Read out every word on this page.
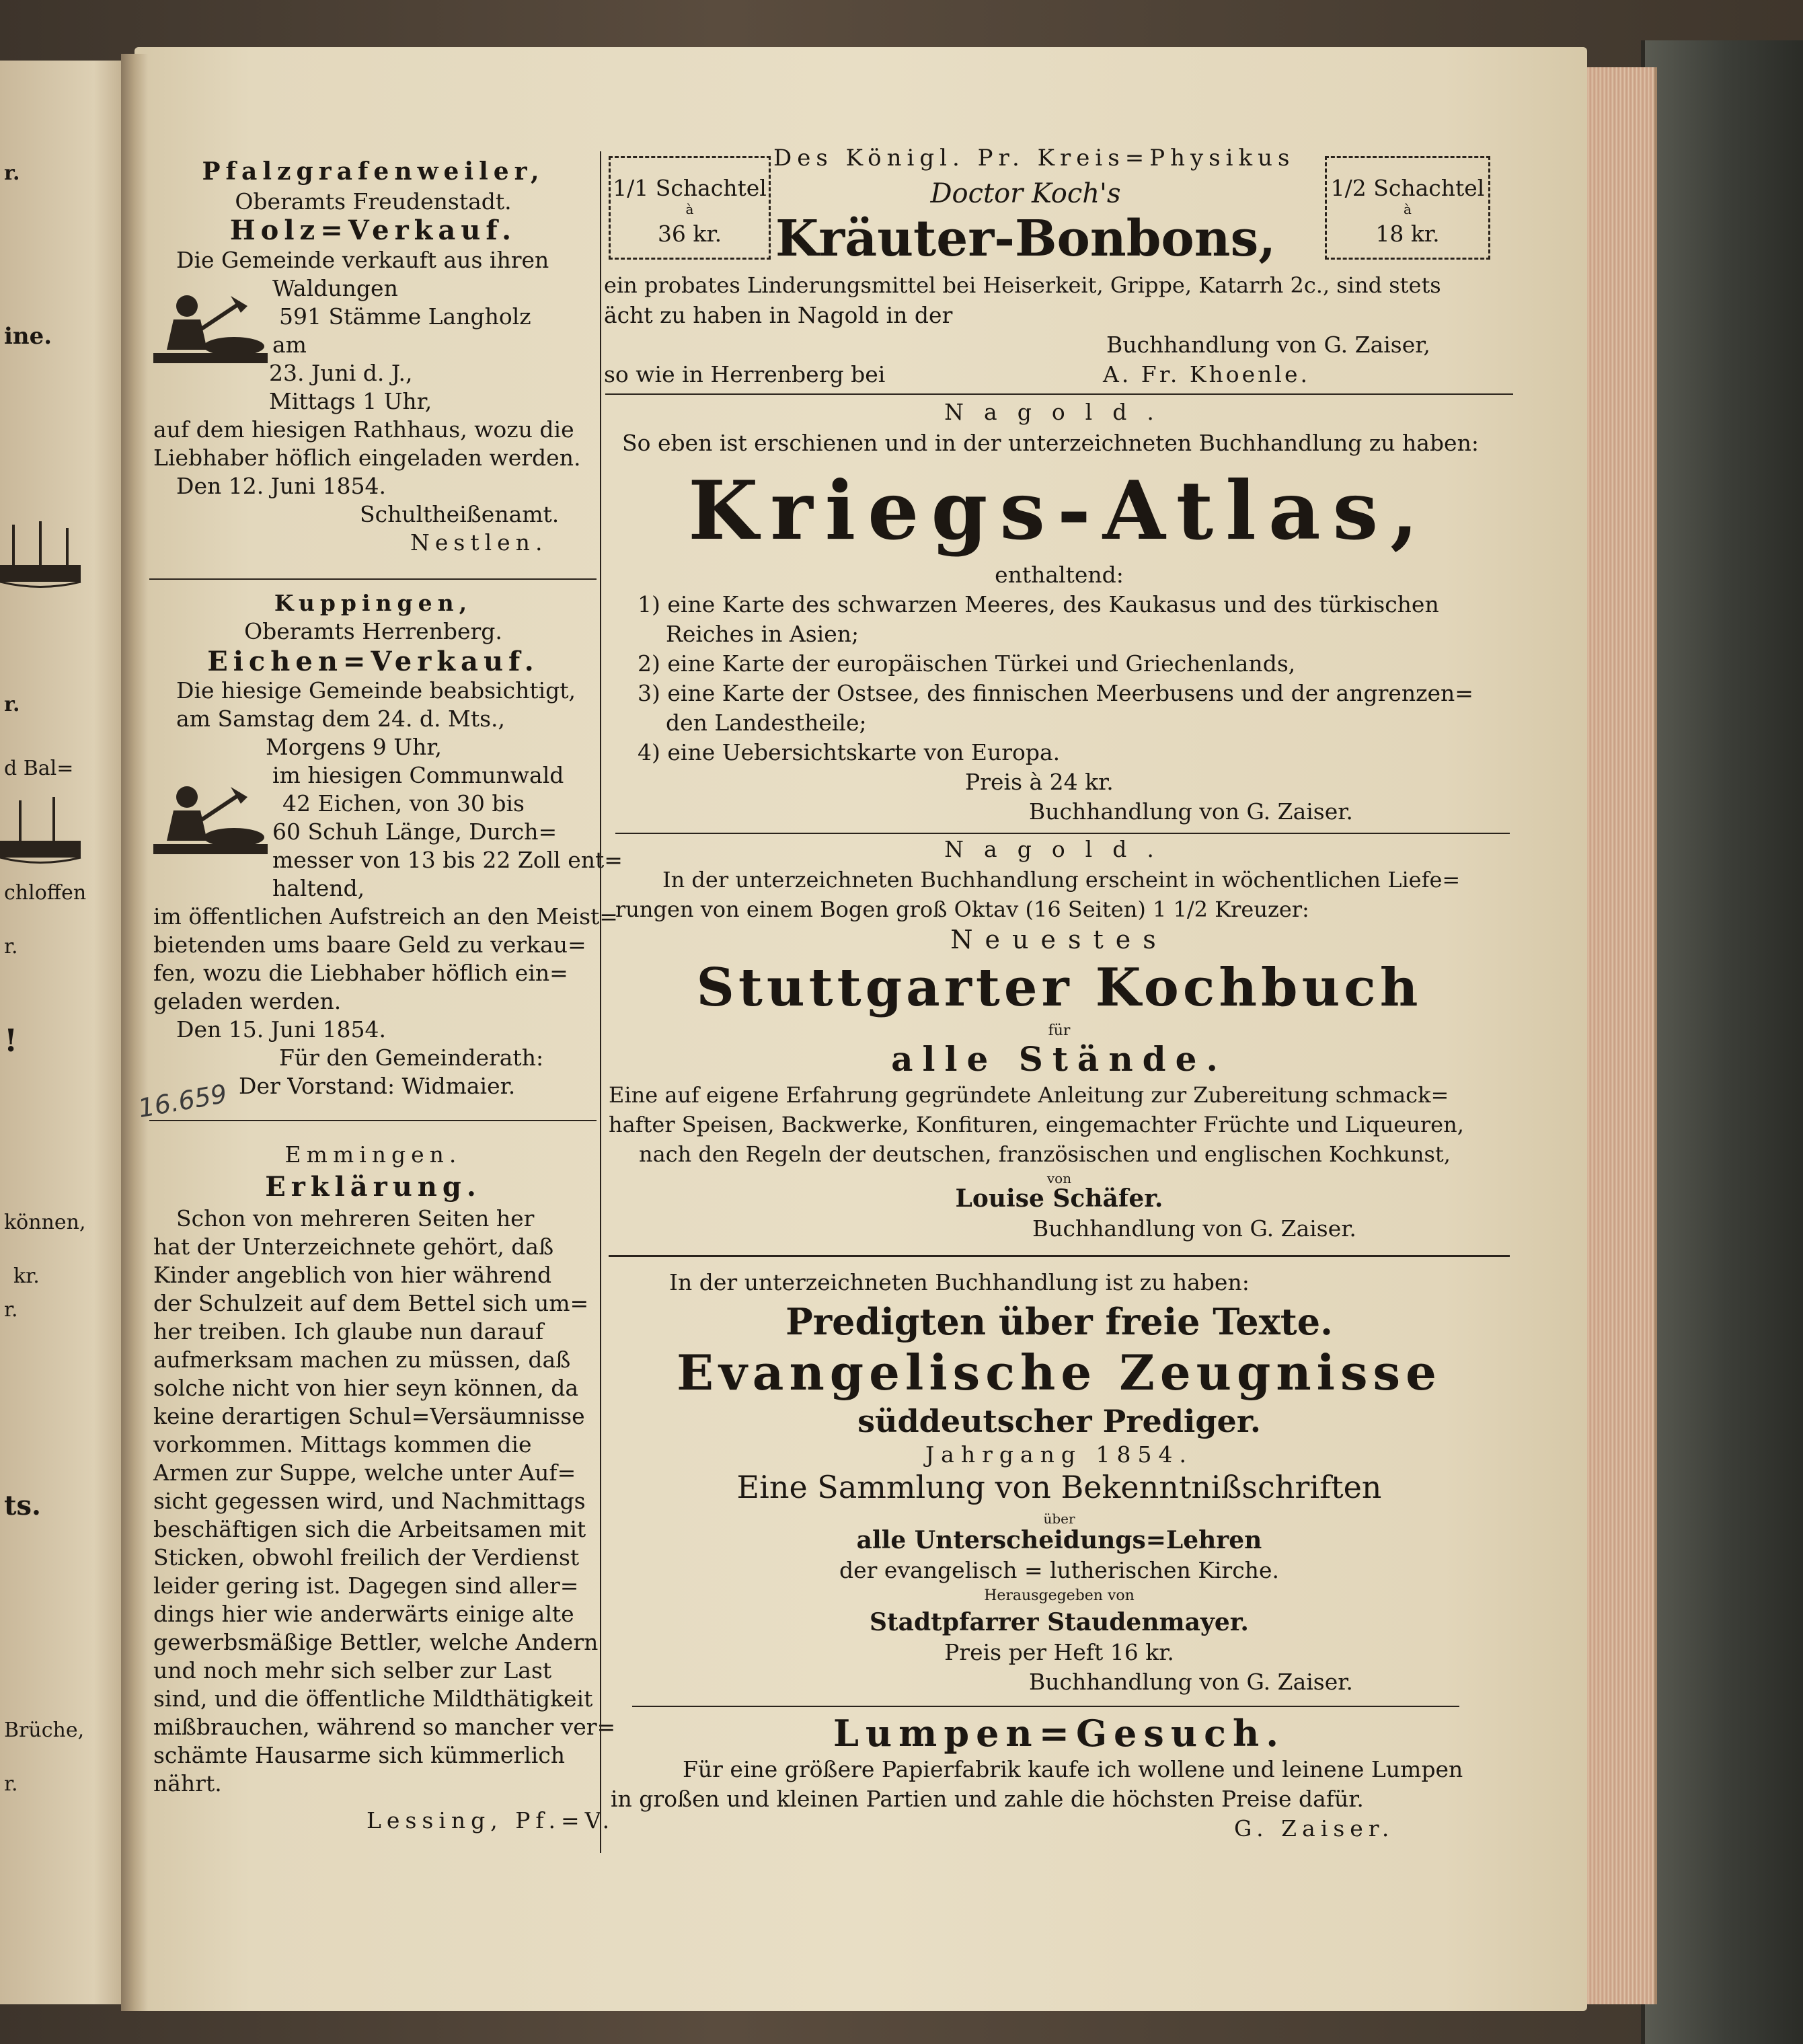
r.
ine.
r.
d Bal=
chloffen
r.
!
können,
kr.
r.
ts.
Brüche,
r.
Pfalzgrafenweiler,
Oberamts Freudenstadt.
Holz=Verkauf.
Die Gemeinde verkauft aus ihren
Waldungen
591 Stämme Langholz
am
23. Juni d. J.,
Mittags 1 Uhr,
auf dem hiesigen Rathhaus, wozu die
Liebhaber höflich eingeladen werden.
Den 12. Juni 1854.
Schultheißenamt.
Nestlen.
Kuppingen,
Oberamts Herrenberg.
Eichen=Verkauf.
Die hiesige Gemeinde beabsichtigt,
am Samstag dem 24. d. Mts.,
Morgens 9 Uhr,
im hiesigen Communwald
42 Eichen, von 30 bis
60 Schuh Länge, Durch=
messer von 13 bis 22 Zoll ent=
haltend,
im öffentlichen Aufstreich an den Meist=
bietenden ums baare Geld zu verkau=
fen, wozu die Liebhaber höflich ein=
geladen werden.
Den 15. Juni 1854.
Für den Gemeinderath:
Der Vorstand: Widmaier.
16.659
Emmingen.
Erklärung.
Schon von mehreren Seiten her
hat der Unterzeichnete gehört, daß
Kinder angeblich von hier während
der Schulzeit auf dem Bettel sich um=
her treiben. Ich glaube nun darauf
aufmerksam machen zu müssen, daß
solche nicht von hier seyn können, da
keine derartigen Schul=Versäumnisse
vorkommen. Mittags kommen die
Armen zur Suppe, welche unter Auf=
sicht gegessen wird, und Nachmittags
beschäftigen sich die Arbeitsamen mit
Sticken, obwohl freilich der Verdienst
leider gering ist. Dagegen sind aller=
dings hier wie anderwärts einige alte
gewerbsmäßige Bettler, welche Andern
und noch mehr sich selber zur Last
sind, und die öffentliche Mildthätigkeit
mißbrauchen, während so mancher ver=
schämte Hausarme sich kümmerlich
nährt.
Lessing, Pf.=V.
1/1 Schachtel
à
36 kr.
Des Königl. Pr. Kreis=Physikus
Doctor Koch's
Kräuter-Bonbons,
1/2 Schachtel
à
18 kr.
ein probates Linderungsmittel bei Heiserkeit, Grippe, Katarrh 2c., sind stets
ächt zu haben in Nagold in der
Buchhandlung von G. Zaiser,
so wie in Herrenberg bei	A. Fr. Khoenle.
Nagold.
So eben ist erschienen und in der unterzeichneten Buchhandlung zu haben:
Kriegs-Atlas,
enthaltend:
1) eine Karte des schwarzen Meeres, des Kaukasus und des türkischen
Reiches in Asien;
2) eine Karte der europäischen Türkei und Griechenlands,
3) eine Karte der Ostsee, des finnischen Meerbusens und der angrenzen=
den Landestheile;
4) eine Uebersichtskarte von Europa.
Preis à 24 kr.
Buchhandlung von G. Zaiser.
Nagold.
In der unterzeichneten Buchhandlung erscheint in wöchentlichen Liefe=
rungen von einem Bogen groß Oktav (16 Seiten) 1 1/2 Kreuzer:
Neuestes
Stuttgarter Kochbuch
für
alle Stände.
Eine auf eigene Erfahrung gegründete Anleitung zur Zubereitung schmack=
hafter Speisen, Backwerke, Konfituren, eingemachter Früchte und Liqueuren,
nach den Regeln der deutschen, französischen und englischen Kochkunst,
von
Louise Schäfer.
Buchhandlung von G. Zaiser.
In der unterzeichneten Buchhandlung ist zu haben:
Predigten über freie Texte.
Evangelische Zeugnisse
süddeutscher Prediger.
Jahrgang 1854.
Eine Sammlung von Bekenntnißschriften
über
alle Unterscheidungs=Lehren
der evangelisch = lutherischen Kirche.
Herausgegeben von
Stadtpfarrer Staudenmayer.
Preis per Heft 16 kr.
Buchhandlung von G. Zaiser.
Lumpen=Gesuch.
Für eine größere Papierfabrik kaufe ich wollene und leinene Lumpen
in großen und kleinen Partien und zahle die höchsten Preise dafür.
G. Zaiser.
